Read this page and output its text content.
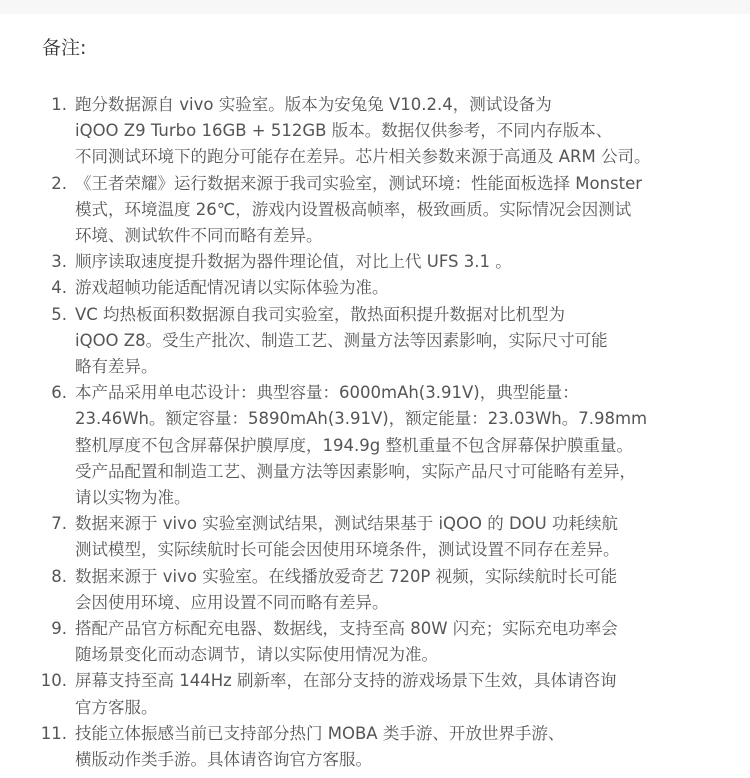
备注:
1. 跑分数据源自 vivo 实验室。版本为安兔兔 V10.2.4，测试设备为
iQOO Z9 Turbo 16GB + 512GB 版本。数据仅供参考，不同内存版本、
不同测试环境下的跑分可能存在差异。芯片相关参数来源于高通及 ARM 公司。
2. 《王者荣耀》运行数据来源于我司实验室，测试环境：性能面板选择 Monster
模式，环境温度 26℃，游戏内设置极高帧率，极致画质。实际情况会因测试
环境、测试软件不同而略有差异。
3. 顺序读取速度提升数据为器件理论值，对比上代 UFS 3.1 。
4. 游戏超帧功能适配情况请以实际体验为准。
5. VC 均热板面积数据源自我司实验室，散热面积提升数据对比机型为
iQOO Z8。受生产批次、制造工艺、测量方法等因素影响，实际尺寸可能
略有差异。
6. 本产品采用单电芯设计：典型容量：6000mAh(3.91V)，典型能量：
23.46Wh。额定容量：5890mAh(3.91V)，额定能量：23.03Wh。7.98mm
整机厚度不包含屏幕保护膜厚度，194.9g 整机重量不包含屏幕保护膜重量。
受产品配置和制造工艺、测量方法等因素影响，实际产品尺寸可能略有差异，
请以实物为准。
7. 数据来源于 vivo 实验室测试结果，测试结果基于 iQOO 的 DOU 功耗续航
测试模型，实际续航时长可能会因使用环境条件，测试设置不同存在差异。
8. 数据来源于 vivo 实验室。在线播放爱奇艺 720P 视频，实际续航时长可能
会因使用环境、应用设置不同而略有差异。
9. 搭配产品官方标配充电器、数据线，支持至高 80W 闪充；实际充电功率会
随场景变化而动态调节，请以实际使用情况为准。
10. 屏幕支持至高 144Hz 刷新率，在部分支持的游戏场景下生效，具体请咨询
官方客服。
11. 技能立体振感当前已支持部分热门 MOBA 类手游、开放世界手游、
横版动作类手游。具体请咨询官方客服。
